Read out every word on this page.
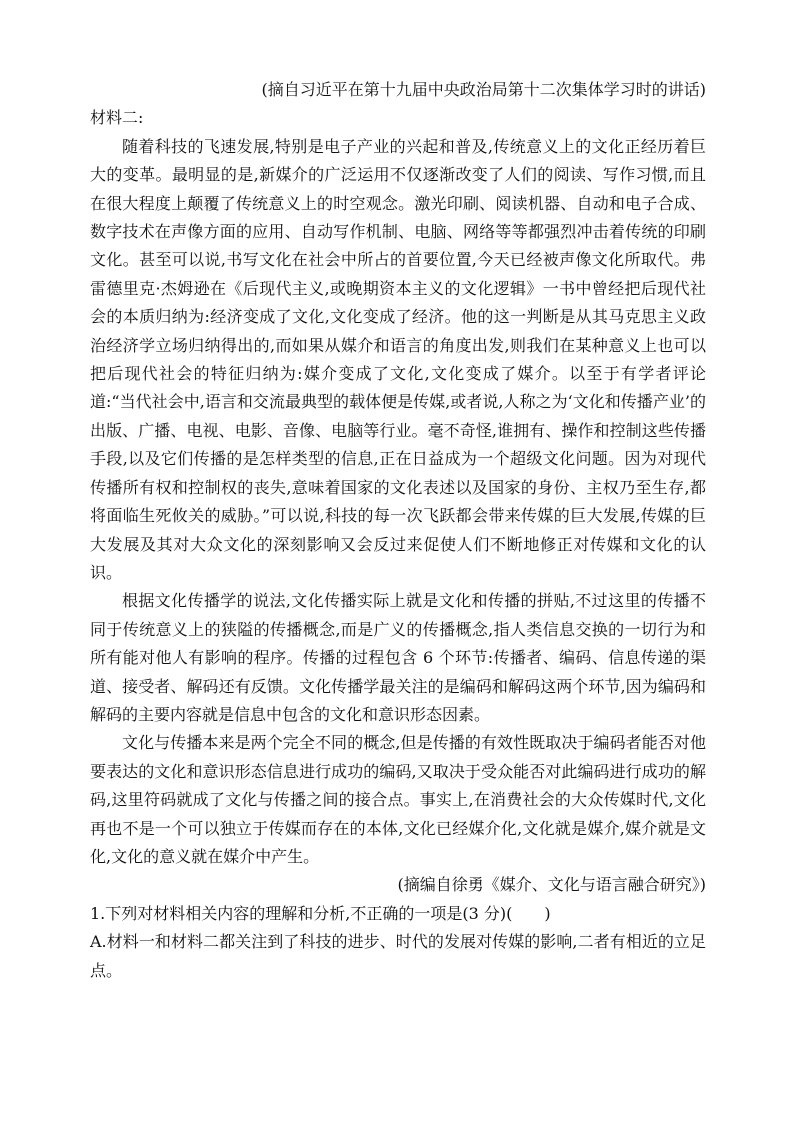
(摘自习近平在第十九届中央政治局第十二次集体学习时的讲话)

材料二:

随着科技的飞速发展,特别是电子产业的兴起和普及,传统意义上的文化正经历着巨大的变革。最明显的是,新媒介的广泛运用不仅逐渐改变了人们的阅读、写作习惯,而且在很大程度上颠覆了传统意义上的时空观念。激光印刷、阅读机器、自动和电子合成、数字技术在声像方面的应用、自动写作机制、电脑、网络等等都强烈冲击着传统的印刷文化。甚至可以说,书写文化在社会中所占的首要位置,今天已经被声像文化所取代。弗雷德里克·杰姆逊在《后现代主义,或晚期资本主义的文化逻辑》一书中曾经把后现代社会的本质归纳为:经济变成了文化,文化变成了经济。他的这一判断是从其马克思主义政治经济学立场归纳得出的,而如果从媒介和语言的角度出发,则我们在某种意义上也可以把后现代社会的特征归纳为:媒介变成了文化,文化变成了媒介。以至于有学者评论道:“当代社会中,语言和交流最典型的载体便是传媒,或者说,人称之为‘文化和传播产业’的出版、广播、电视、电影、音像、电脑等行业。毫不奇怪,谁拥有、操作和控制这些传播手段,以及它们传播的是怎样类型的信息,正在日益成为一个超级文化问题。因为对现代传播所有权和控制权的丧失,意味着国家的文化表述以及国家的身份、主权乃至生存,都将面临生死攸关的威胁。”可以说,科技的每一次飞跃都会带来传媒的巨大发展,传媒的巨大发展及其对大众文化的深刻影响又会反过来促使人们不断地修正对传媒和文化的认识。

根据文化传播学的说法,文化传播实际上就是文化和传播的拼贴,不过这里的传播不同于传统意义上的狭隘的传播概念,而是广义的传播概念,指人类信息交换的一切行为和所有能对他人有影响的程序。传播的过程包含 6 个环节:传播者、编码、信息传递的渠道、接受者、解码还有反馈。文化传播学最关注的是编码和解码这两个环节,因为编码和解码的主要内容就是信息中包含的文化和意识形态因素。

文化与传播本来是两个完全不同的概念,但是传播的有效性既取决于编码者能否对他要表达的文化和意识形态信息进行成功的编码,又取决于受众能否对此编码进行成功的解码,这里符码就成了文化与传播之间的接合点。事实上,在消费社会的大众传媒时代,文化再也不是一个可以独立于传媒而存在的本体,文化已经媒介化,文化就是媒介,媒介就是文化,文化的意义就在媒介中产生。

(摘编自徐勇《媒介、文化与语言融合研究》)

1.下列对材料相关内容的理解和分析,不正确的一项是(3 分)(　　)

A.材料一和材料二都关注到了科技的进步、时代的发展对传媒的影响,二者有相近的立足点。
